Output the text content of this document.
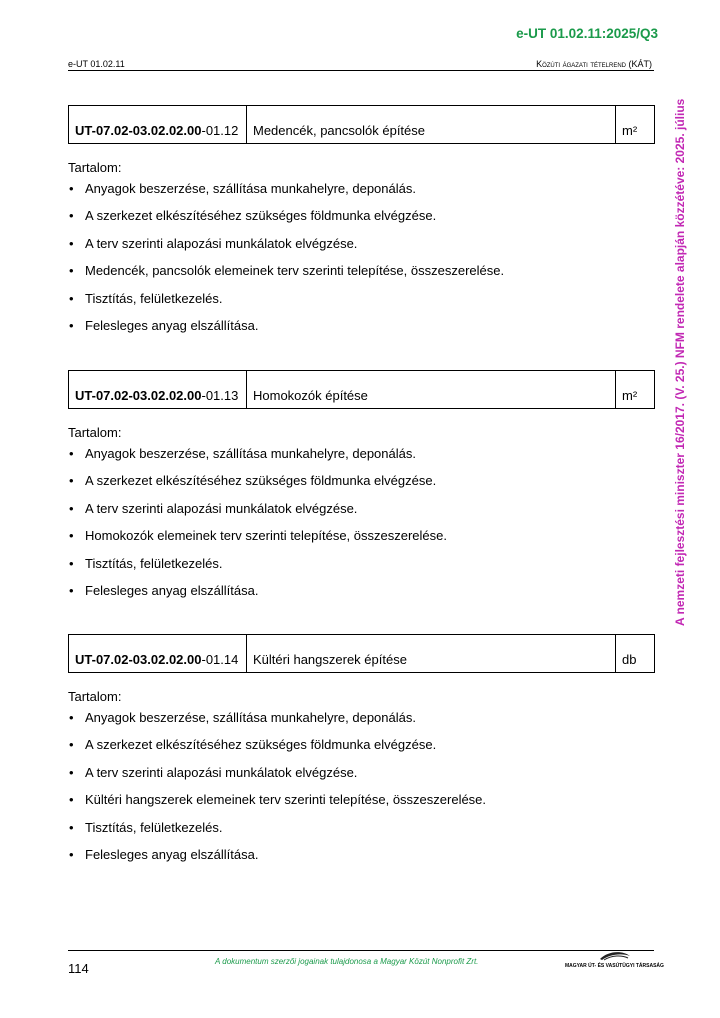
e-UT 01.02.11:2025/Q3
e-UT 01.02.11	Közúti ágazati tételrend (KÁT)
A nemzeti fejlesztési miniszter 16/2017. (V. 25.) NFM rendelete alapján közzétéve: 2025. július
UT-07.02-03.02.02.00-01.12	Medencék, pancsolók építése	m²
Tartalom:
• Anyagok beszerzése, szállítása munkahelyre, deponálás.
• A szerkezet elkészítéséhez szükséges földmunka elvégzése.
• A terv szerinti alapozási munkálatok elvégzése.
• Medencék, pancsolók elemeinek terv szerinti telepítése, összeszerelése.
• Tisztítás, felületkezelés.
• Felesleges anyag elszállítása.
UT-07.02-03.02.02.00-01.13	Homokozók építése	m²
Tartalom:
• Anyagok beszerzése, szállítása munkahelyre, deponálás.
• A szerkezet elkészítéséhez szükséges földmunka elvégzése.
• A terv szerinti alapozási munkálatok elvégzése.
• Homokozók elemeinek terv szerinti telepítése, összeszerelése.
• Tisztítás, felületkezelés.
• Felesleges anyag elszállítása.
UT-07.02-03.02.02.00-01.14	Kültéri hangszerek építése	db
Tartalom:
• Anyagok beszerzése, szállítása munkahelyre, deponálás.
• A szerkezet elkészítéséhez szükséges földmunka elvégzése.
• A terv szerinti alapozási munkálatok elvégzése.
• Kültéri hangszerek elemeinek terv szerinti telepítése, összeszerelése.
• Tisztítás, felületkezelés.
• Felesleges anyag elszállítása.
114	A dokumentum szerzői jogainak tulajdonosa a Magyar Közút Nonprofit Zrt.	MAGYAR ÚT- ÉS VASÚTÜGYI TÁRSASÁG
